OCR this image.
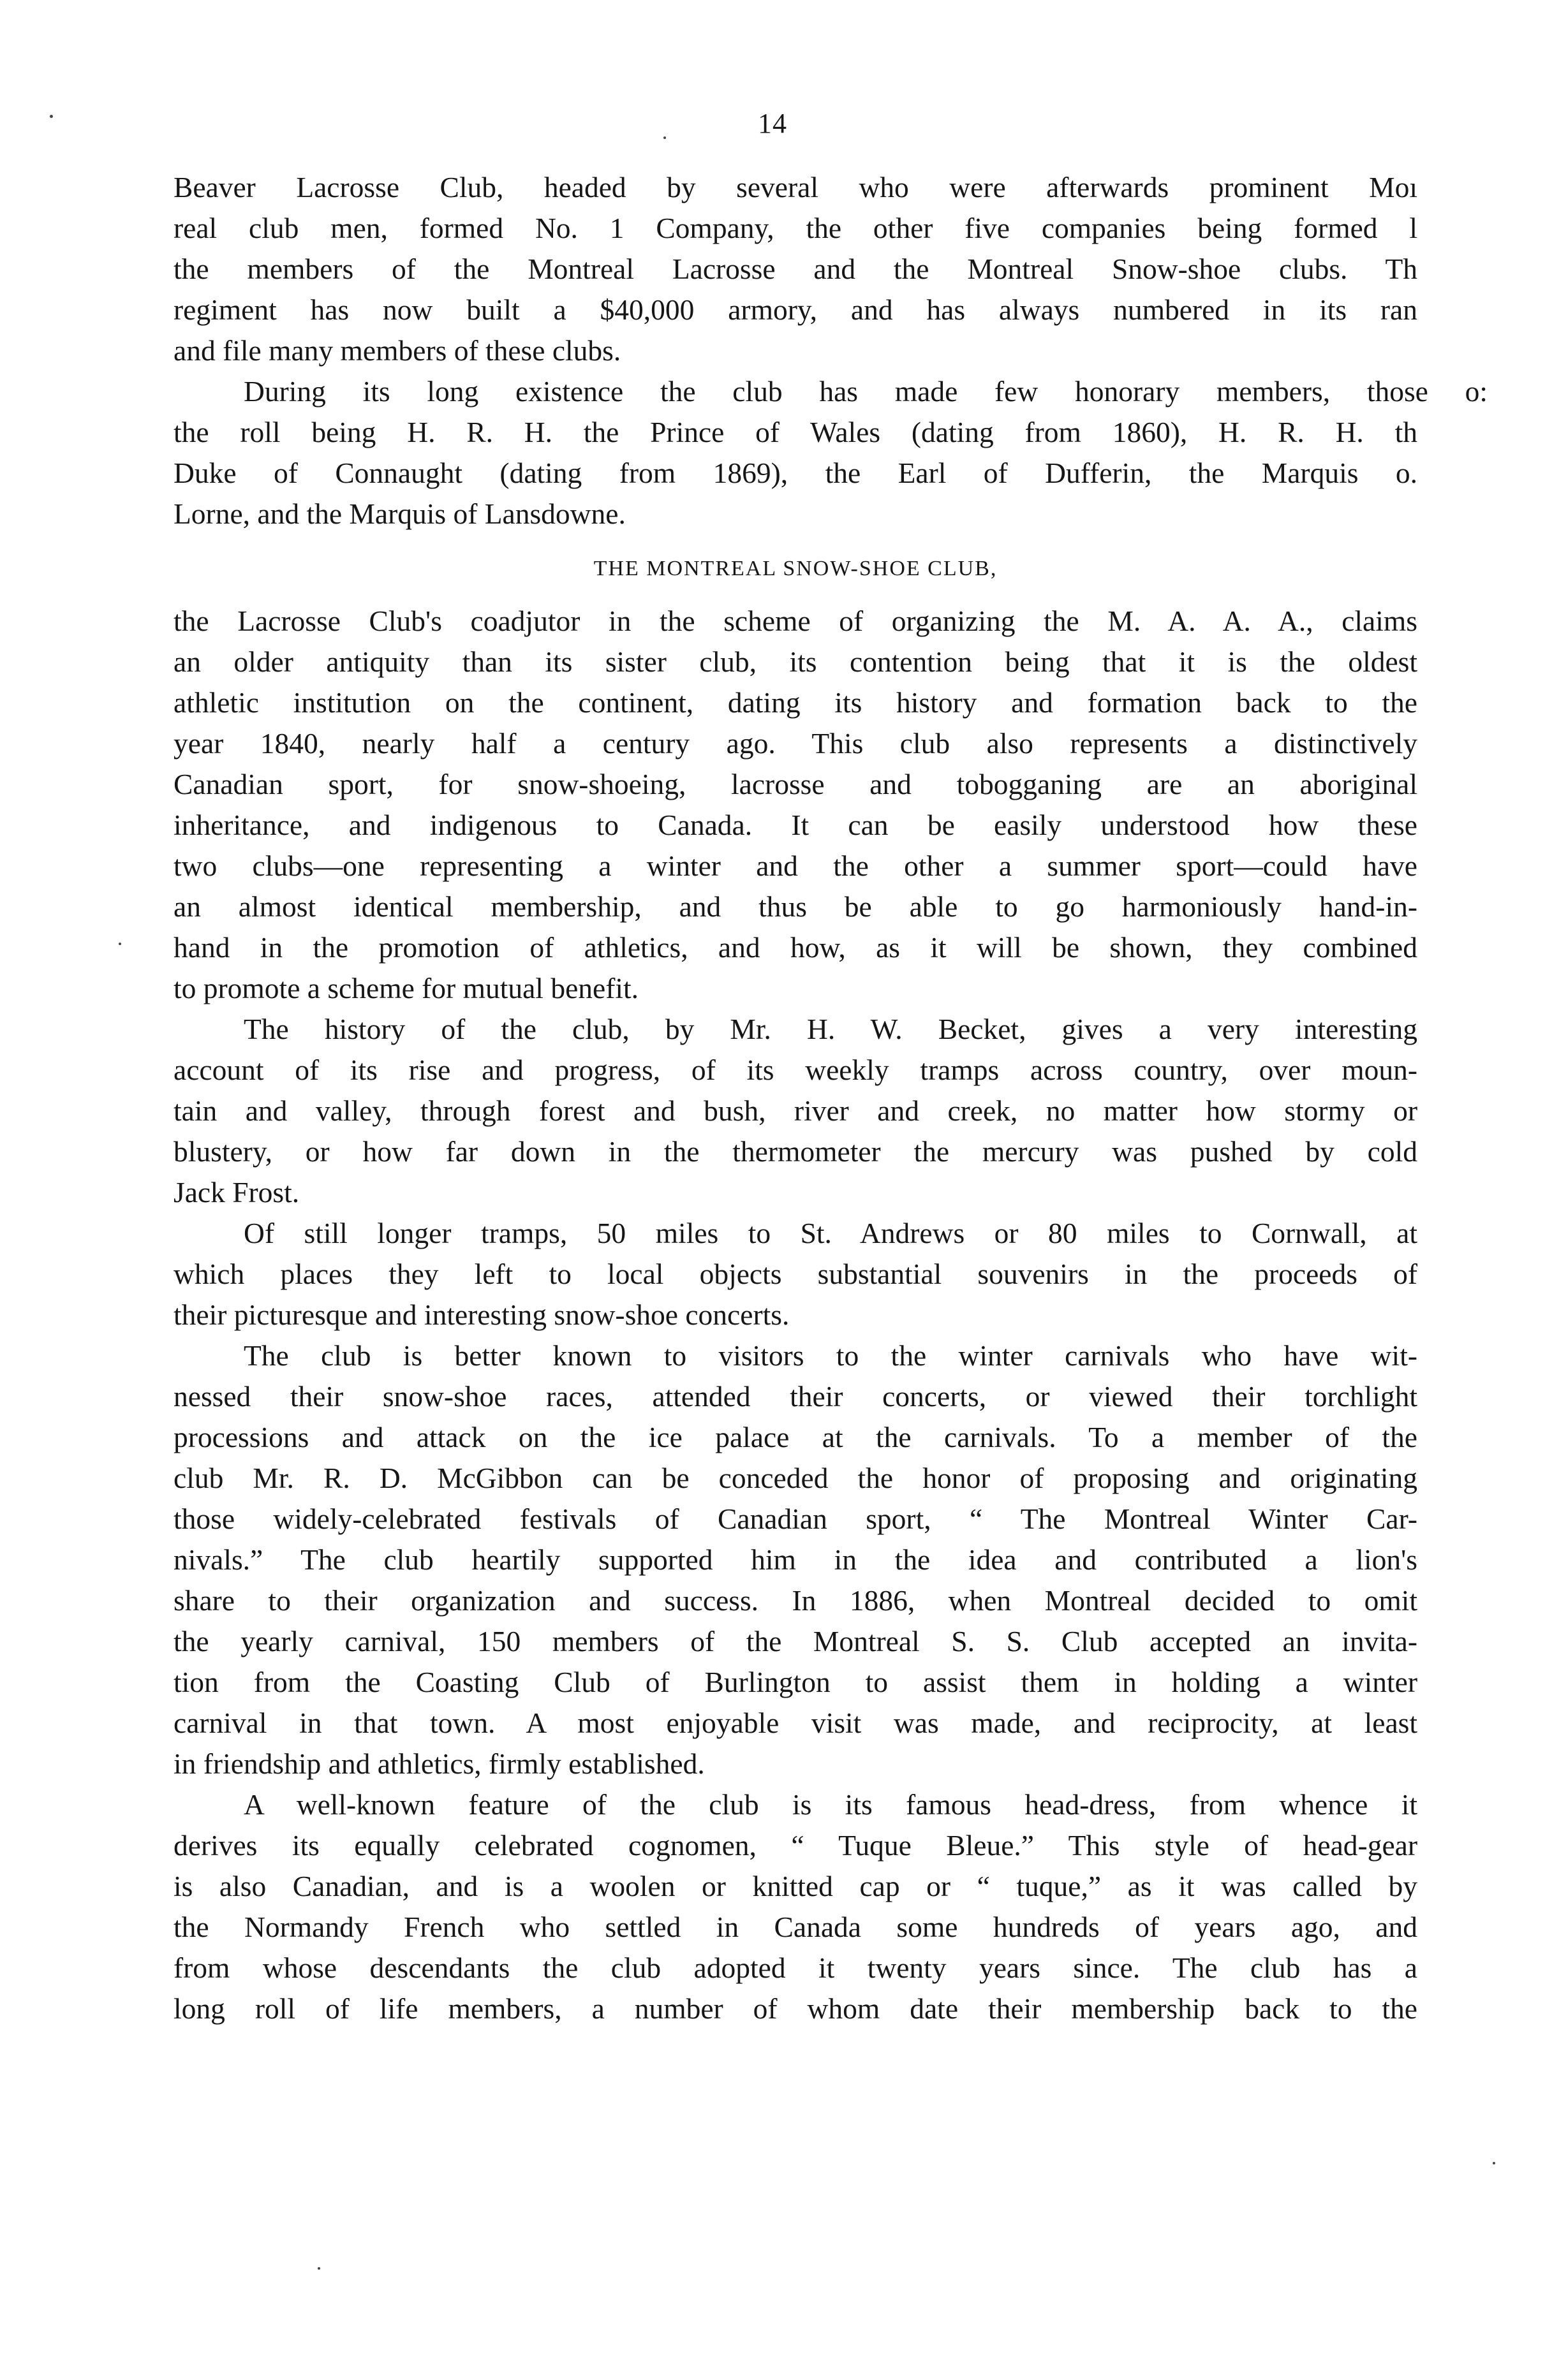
14
Beaver Lacrosse Club, headed by several who were afterwards prominent Moı
real club men, formed No. 1 Company, the other five companies being formed l
the members of the Montreal Lacrosse and the Montreal Snow-shoe clubs. Th
regiment has now built a $40,000 armory, and has always numbered in its ran
and file many members of these clubs.
During its long existence the club has made few honorary members, those o:
the roll being H. R. H. the Prince of Wales (dating from 1860), H. R. H. th
Duke of Connaught (dating from 1869), the Earl of Dufferin, the Marquis o.
Lorne, and the Marquis of Lansdowne.
THE MONTREAL SNOW-SHOE CLUB,
the Lacrosse Club's coadjutor in the scheme of organizing the M. A. A. A., claims
an older antiquity than its sister club, its contention being that it is the oldest
athletic institution on the continent, dating its history and formation back to the
year 1840, nearly half a century ago. This club also represents a distinctively
Canadian sport, for snow-shoeing, lacrosse and tobogganing are an aboriginal
inheritance, and indigenous to Canada. It can be easily understood how these
two clubs—one representing a winter and the other a summer sport—could have
an almost identical membership, and thus be able to go harmoniously hand-in-
hand in the promotion of athletics, and how, as it will be shown, they combined
to promote a scheme for mutual benefit.
The history of the club, by Mr. H. W. Becket, gives a very interesting
account of its rise and progress, of its weekly tramps across country, over moun-
tain and valley, through forest and bush, river and creek, no matter how stormy or
blustery, or how far down in the thermometer the mercury was pushed by cold
Jack Frost.
Of still longer tramps, 50 miles to St. Andrews or 80 miles to Cornwall, at
which places they left to local objects substantial souvenirs in the proceeds of
their picturesque and interesting snow-shoe concerts.
The club is better known to visitors to the winter carnivals who have wit-
nessed their snow-shoe races, attended their concerts, or viewed their torchlight
processions and attack on the ice palace at the carnivals. To a member of the
club Mr. R. D. McGibbon can be conceded the honor of proposing and originating
those widely-celebrated festivals of Canadian sport, “ The Montreal Winter Car-
nivals.” The club heartily supported him in the idea and contributed a lion's
share to their organization and success. In 1886, when Montreal decided to omit
the yearly carnival, 150 members of the Montreal S. S. Club accepted an invita-
tion from the Coasting Club of Burlington to assist them in holding a winter
carnival in that town. A most enjoyable visit was made, and reciprocity, at least
in friendship and athletics, firmly established.
A well-known feature of the club is its famous head-dress, from whence it
derives its equally celebrated cognomen, “ Tuque Bleue.” This style of head-gear
is also Canadian, and is a woolen or knitted cap or “ tuque,” as it was called by
the Normandy French who settled in Canada some hundreds of years ago, and
from whose descendants the club adopted it twenty years since. The club has a
long roll of life members, a number of whom date their membership back to the
